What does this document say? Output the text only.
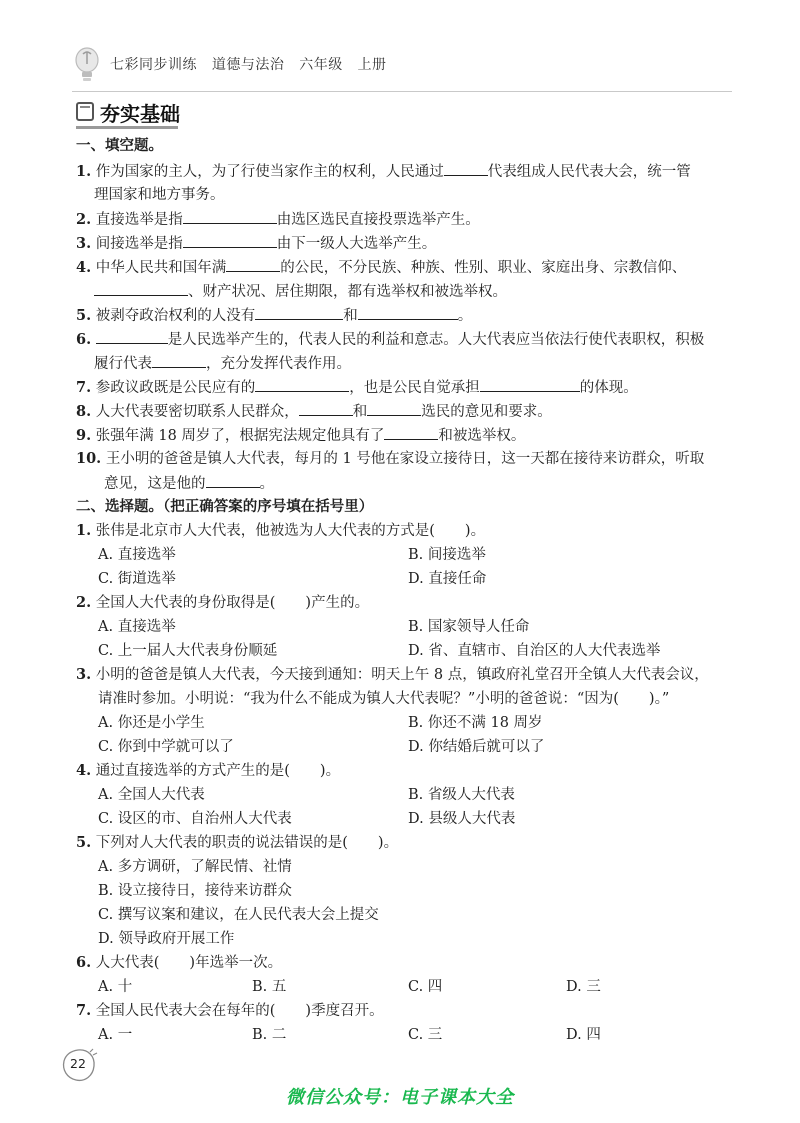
七彩同步训练   道德与法治   六年级   上册
夯实基础
一、填空题。
1. 作为国家的主人，为了行使当家作主的权利，人民通过	代表组成人民代表大会，统一管
理国家和地方事务。
2. 直接选举是指	由选区选民直接投票选举产生。
3. 间接选举是指	由下一级人大选举产生。
4. 中华人民共和国年满	的公民，不分民族、种族、性别、职业、家庭出身、宗教信仰、
、财产状况、居住期限，都有选举权和被选举权。
5. 被剥夺政治权利的人没有	和	。
6.	是人民选举产生的，代表人民的利益和意志。人大代表应当依法行使代表职权，积极
履行代表	，充分发挥代表作用。
7. 参政议政既是公民应有的	，也是公民自觉承担	的体现。
8. 人大代表要密切联系人民群众，	和	选民的意见和要求。
9. 张强年满 18 周岁了，根据宪法规定他具有了	和被选举权。
10. 王小明的爸爸是镇人大代表，每月的 1 号他在家设立接待日，这一天都在接待来访群众，听取
意见，这是他的	。
二、选择题。（把正确答案的序号填在括号里）
1. 张伟是北京市人大代表，他被选为人大代表的方式是( )。
A. 直接选举	B. 间接选举
C. 街道选举	D. 直接任命
2. 全国人大代表的身份取得是( )产生的。
A. 直接选举	B. 国家领导人任命
C. 上一届人大代表身份顺延	D. 省、直辖市、自治区的人大代表选举
3. 小明的爸爸是镇人大代表，今天接到通知：明天上午 8 点，镇政府礼堂召开全镇人大代表会议，
请准时参加。小明说：“我为什么不能成为镇人大代表呢？”小明的爸爸说：“因为( )。”
A. 你还是小学生	B. 你还不满 18 周岁
C. 你到中学就可以了	D. 你结婚后就可以了
4. 通过直接选举的方式产生的是( )。
A. 全国人大代表	B. 省级人大代表
C. 设区的市、自治州人大代表	D. 县级人大代表
5. 下列对人大代表的职责的说法错误的是( )。
A. 多方调研，了解民情、社情
B. 设立接待日，接待来访群众
C. 撰写议案和建议，在人民代表大会上提交
D. 领导政府开展工作
6. 人大代表( )年选举一次。
A. 十	B. 五	C. 四	D. 三
7. 全国人民代表大会在每年的( )季度召开。
A. 一	B. 二	C. 三	D. 四
22
微信公众号：电子课本大全
